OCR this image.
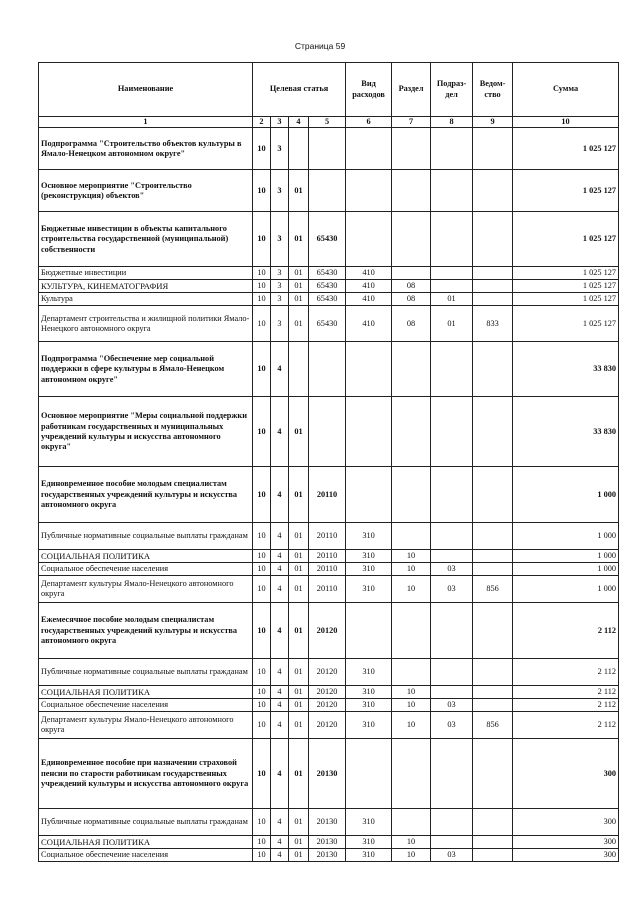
Страница 59
Наименование	Целевая статья				Вид расходов	Раздел	Подраз- дел	Ведом- ство	Сумма
1	2	3	4	5	6	7	8	9	10
Подпрограмма "Строительство объектов культуры в Ямало-Ненецком автономном округе"	10	3							1 025 127
Основное мероприятие "Строительство (реконструкция) объектов"	10	3	01						1 025 127
Бюджетные инвестиции в объекты капитального строительства государственной (муниципальной) собственности	10	3	01	65430					1 025 127
Бюджетные инвестиции	10	3	01	65430	410				1 025 127
КУЛЬТУРА, КИНЕМАТОГРАФИЯ	10	3	01	65430	410	08			1 025 127
Культура	10	3	01	65430	410	08	01		1 025 127
Департамент строительства и жилищной политики Ямало-Ненецкого автономного округа	10	3	01	65430	410	08	01	833	1 025 127
Подпрограмма "Обеспечение мер социальной поддержки в сфере культуры в Ямало-Ненецком автономном округе"	10	4							33 830
Основное мероприятие "Меры социальной поддержки работникам государственных и муниципальных учреждений культуры и искусства автономного округа"	10	4	01						33 830
Единовременное пособие молодым специалистам государственных учреждений культуры и искусства автономного округа	10	4	01	20110					1 000
Публичные нормативные социальные выплаты гражданам	10	4	01	20110	310				1 000
СОЦИАЛЬНАЯ ПОЛИТИКА	10	4	01	20110	310	10			1 000
Социальное обеспечение населения	10	4	01	20110	310	10	03		1 000
Департамент культуры Ямало-Ненецкого автономного округа	10	4	01	20110	310	10	03	856	1 000
Ежемесячное пособие молодым специалистам государственных учреждений культуры и искусства автономного округа	10	4	01	20120					2 112
Публичные нормативные социальные выплаты гражданам	10	4	01	20120	310				2 112
СОЦИАЛЬНАЯ ПОЛИТИКА	10	4	01	20120	310	10			2 112
Социальное обеспечение населения	10	4	01	20120	310	10	03		2 112
Департамент культуры Ямало-Ненецкого автономного округа	10	4	01	20120	310	10	03	856	2 112
Единовременное пособие при назначении страховой пенсии по старости работникам государственных учреждений культуры и искусства автономного округа	10	4	01	20130					300
Публичные нормативные социальные выплаты гражданам	10	4	01	20130	310				300
СОЦИАЛЬНАЯ ПОЛИТИКА	10	4	01	20130	310	10			300
Социальное обеспечение населения	10	4	01	20130	310	10	03		300
